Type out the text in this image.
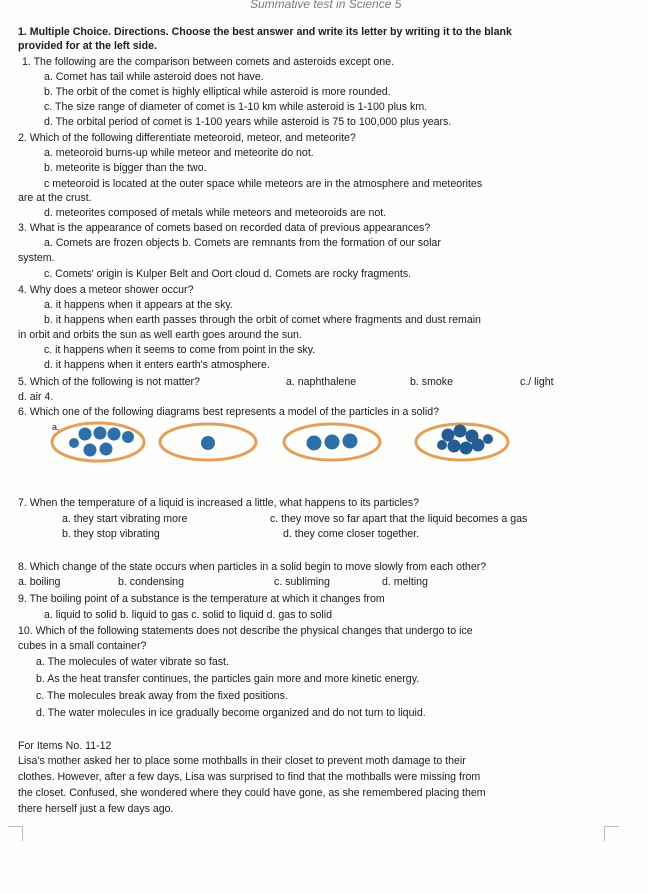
Summative test in Science 5
1. Multiple Choice. Directions. Choose the best answer and write its letter by writing it to the blank
provided for at the left side.
1. The following are the comparison between comets and asteroids except one.
a. Comet has tail while asteroid does not have.
b. The orbit of the comet is highly elliptical while asteroid is more rounded.
c. The size range of diameter of comet is 1-10 km while asteroid is 1-100 plus km.
d. The orbital period of comet is 1-100 years while asteroid is 75 to 100,000 plus years.
2. Which of the following differentiate meteoroid, meteor, and meteorite?
a. meteoroid burns-up while meteor and meteorite do not.
b. meteorite is bigger than the two.
c meteoroid is located at the outer space while meteors are in the atmosphere and meteorites
are at the crust.
d. meteorites composed of metals while meteors and meteoroids are not.
3. What is the appearance of comets based on recorded data of previous appearances?
a. Comets are frozen objects b. Comets are remnants from the formation of our solar
system.
c. Comets' origin is Kulper Belt and Oort cloud d. Comets are rocky fragments.
4. Why does a meteor shower occur?
a. it happens when it appears at the sky.
b. it happens when earth passes through the orbit of comet where fragments and dust remain
in orbit and orbits the sun as well earth goes around the sun.
c. it happens when it seems to come from point in the sky.
d. it happens when it enters earth's atmosphere.
5. Which of the following is not matter?	a. naphthalene	b. smoke	c./ light
d. air 4.
6. Which one of the following diagrams best represents a model of the particles in a solid?
a.
7. When the temperature of a liquid is increased a little, what happens to its particles?
a. they start vibrating more	c. they move so far apart that the liquid becomes a gas
b. they stop vibrating	d. they come closer together.
8. Which change of the state occurs when particles in a solid begin to move slowly from each other?
a. boiling	b. condensing	c. subliming	d. melting
9. The boiling point of a substance is the temperature at which it changes from
a. liquid to solid b. liquid to gas c. solid to liquid d. gas to solid
10. Which of the following statements does not describe the physical changes that undergo to ice
cubes in a small container?
a. The molecules of water vibrate so fast.
b. As the heat transfer continues, the particles gain more and more kinetic energy.
c. The molecules break away from the fixed positions.
d. The water molecules in ice gradually become organized and do not turn to liquid.
For Items No. 11-12
Lisa's mother asked her to place some mothballs in their closet to prevent moth damage to their
clothes. However, after a few days, Lisa was surprised to find that the mothballs were missing from
the closet. Confused, she wondered where they could have gone, as she remembered placing them
there herself just a few days ago.
